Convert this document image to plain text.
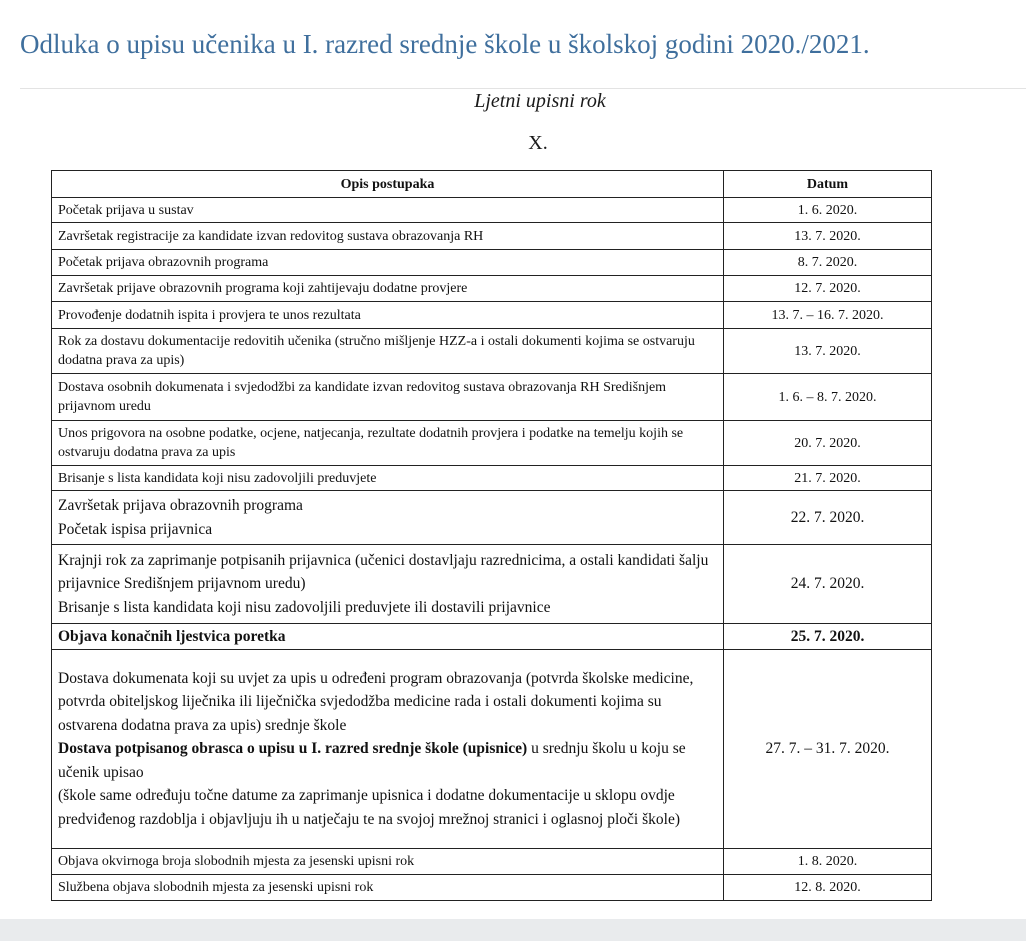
Odluka o upisu učenika u I. razred srednje škole u školskoj godini 2020./2021.
Ljetni upisni rok
X.
Opis postupaka	Datum

Početak prijava u sustav	1. 6. 2020.

Završetak registracije za kandidate izvan redovitog sustava obrazovanja RH	13. 7. 2020.

Početak prijava obrazovnih programa	8. 7. 2020.

Završetak prijave obrazovnih programa koji zahtijevaju dodatne provjere	12. 7. 2020.

Provođenje dodatnih ispita i provjera te unos rezultata	13. 7. – 16. 7. 2020.

Rok za dostavu dokumentacije redovitih učenika (stručno mišljenje HZZ-a i ostali dokumenti kojima se ostvaruju dodatna prava za upis)	13. 7. 2020.

Dostava osobnih dokumenata i svjedodžbi za kandidate izvan redovitog sustava obrazovanja RH Središnjem prijavnom uredu	1. 6. – 8. 7. 2020.

Unos prigovora na osobne podatke, ocjene, natjecanja, rezultate dodatnih provjera i podatke na temelju kojih se ostvaruju dodatna prava za upis	20. 7. 2020.

Brisanje s lista kandidata koji nisu zadovoljili preduvjete	21. 7. 2020.

Završetak prijava obrazovnih programa
Početak ispisa prijavnica	22. 7. 2020.

Krajnji rok za zaprimanje potpisanih prijavnica (učenici dostavljaju razrednicima, a ostali kandidati šalju prijavnice Središnjem prijavnom uredu)
Brisanje s lista kandidata koji nisu zadovoljili preduvjete ili dostavili prijavnice	24. 7. 2020.

Objava konačnih ljestvica poretka	25. 7. 2020.

Dostava dokumenata koji su uvjet za upis u određeni program obrazovanja (potvrda školske medicine, potvrda obiteljskog liječnika ili liječnička svjedodžba medicine rada i ostali dokumenti kojima su ostvarena dodatna prava za upis) srednje škole
Dostava potpisanog obrasca o upisu u I. razred srednje škole (upisnice) u srednju školu u koju se učenik upisao
(škole same određuju točne datume za zaprimanje upisnica i dodatne dokumentacije u sklopu ovdje predviđenog razdoblja i objavljuju ih u natječaju te na svojoj mrežnoj stranici i oglasnoj ploči škole)	27. 7. – 31. 7. 2020.

Objava okvirnoga broja slobodnih mjesta za jesenski upisni rok	1. 8. 2020.

Službena objava slobodnih mjesta za jesenski upisni rok	12. 8. 2020.
